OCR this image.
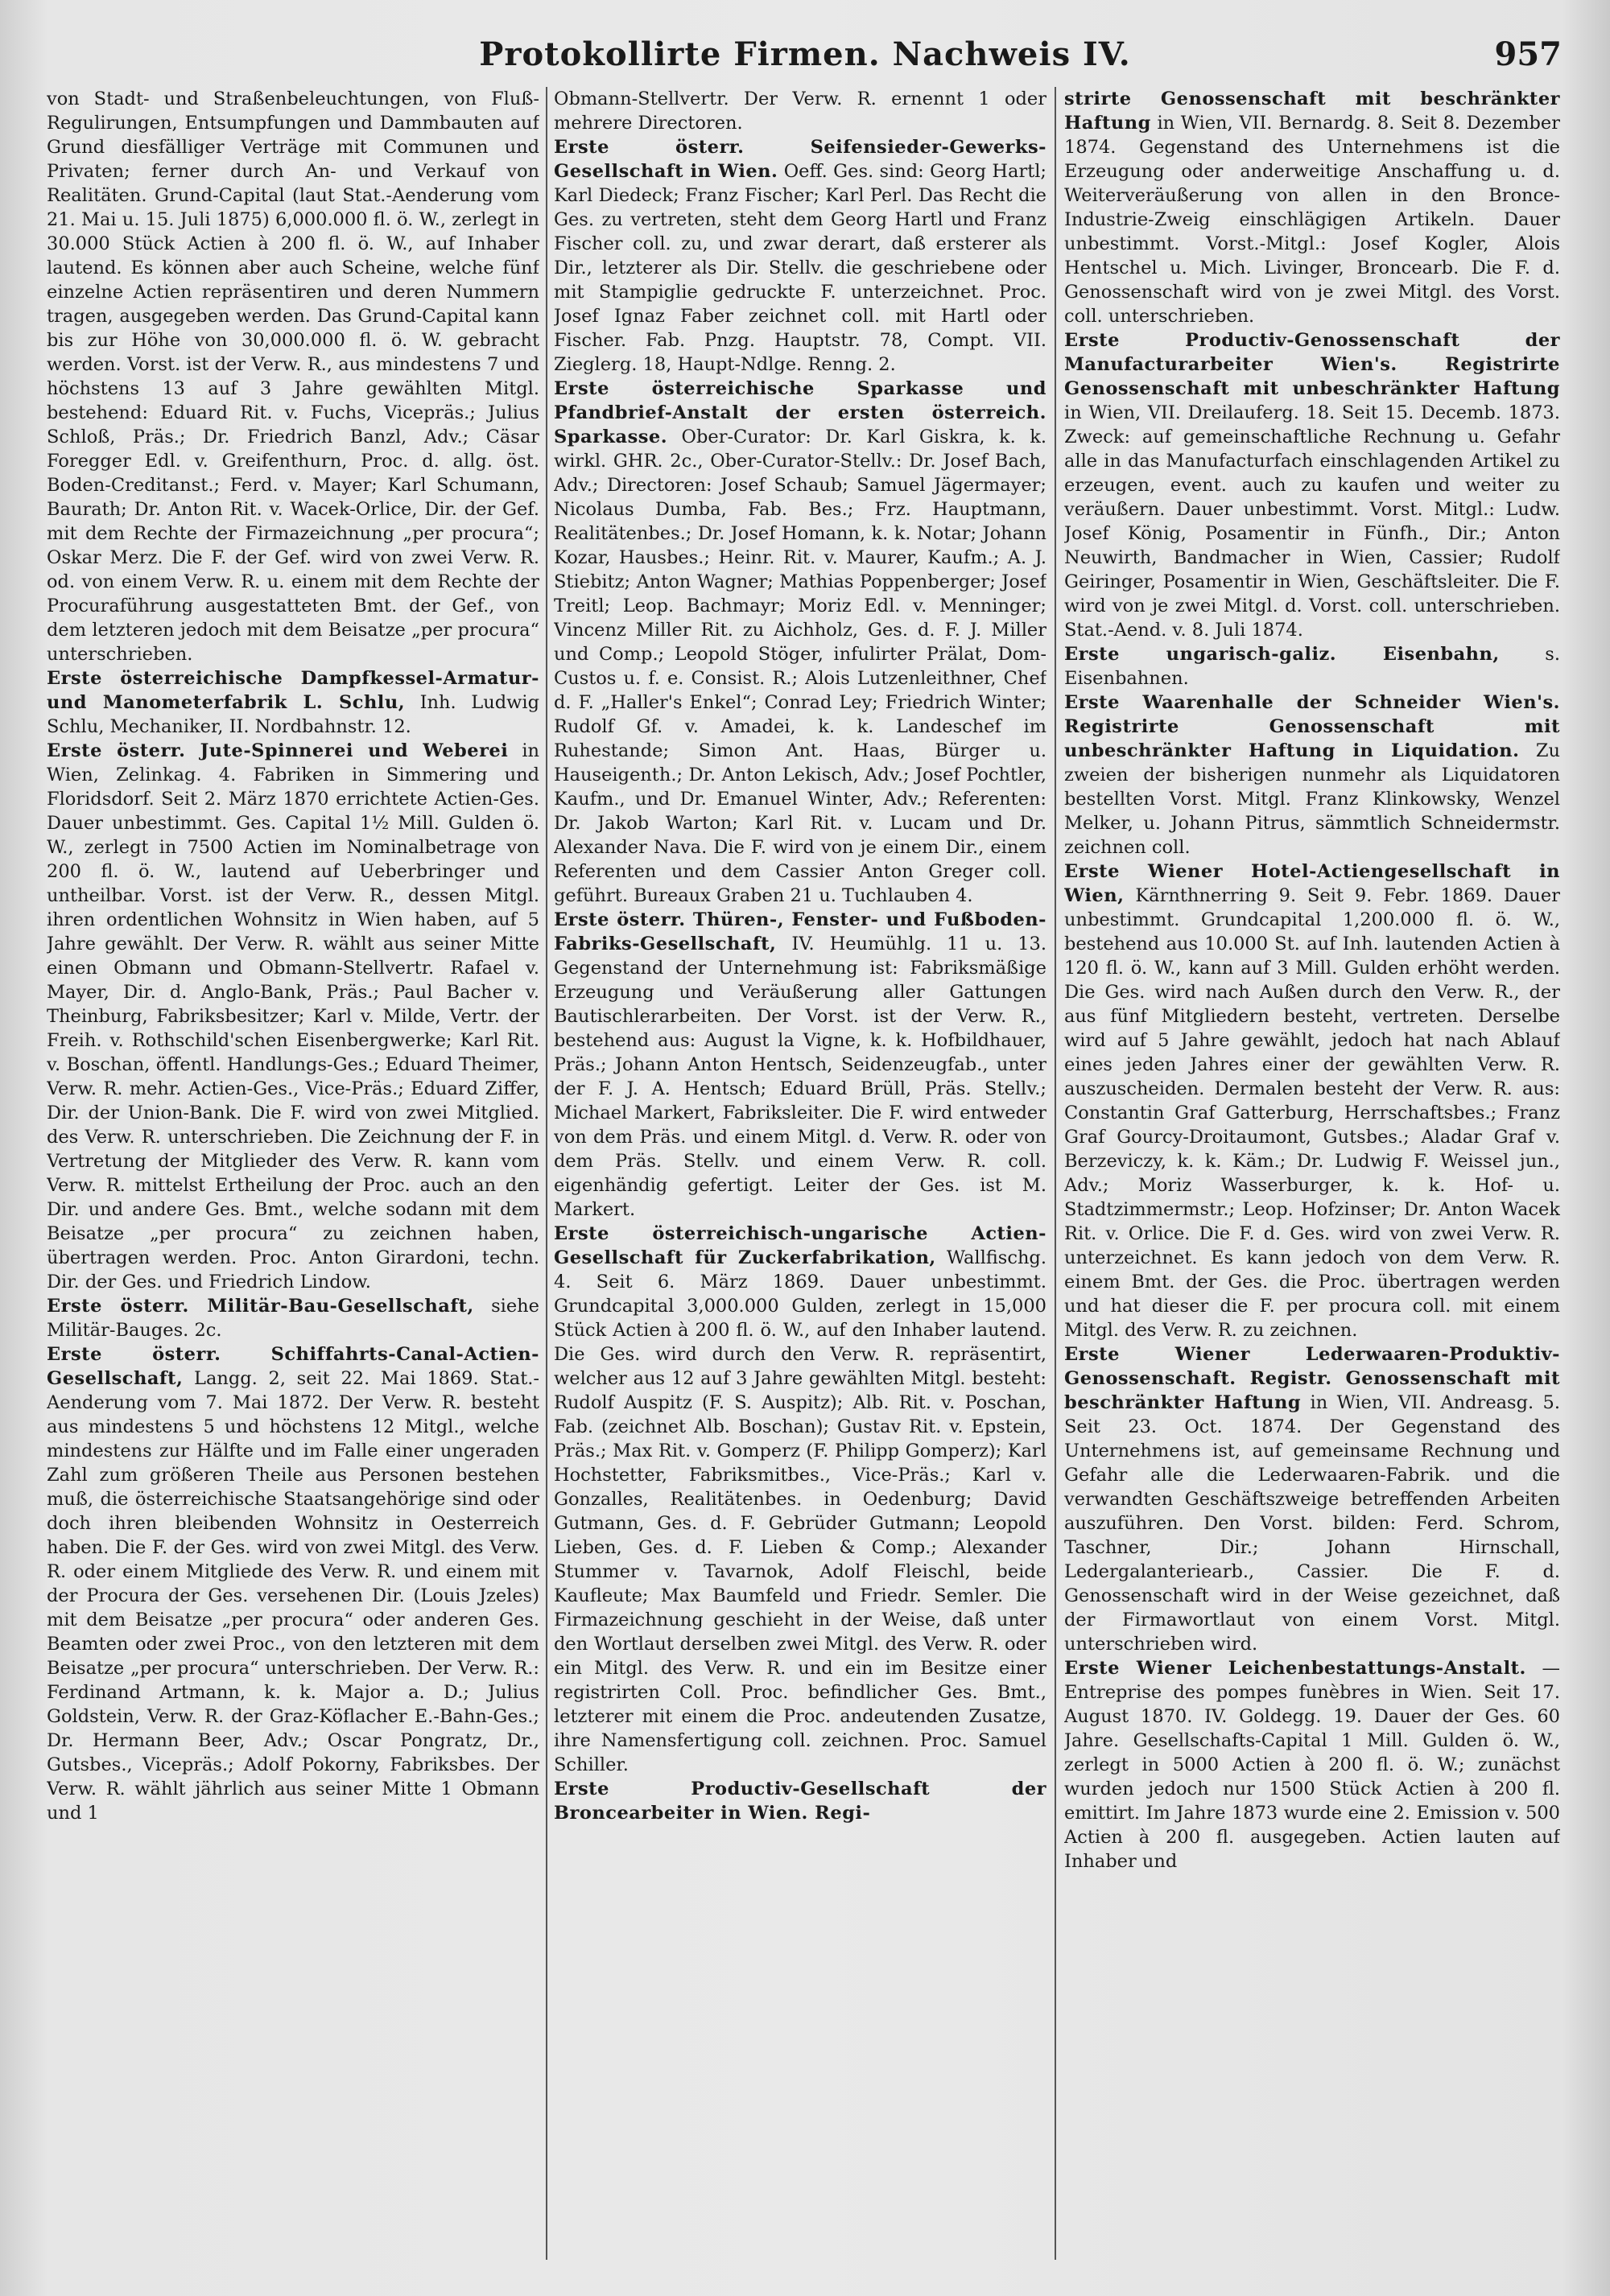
Protokollirte Firmen. Nachweis IV.	957

von Stadt- und Straßenbeleuchtungen, von Fluß-Regulirungen, Entsumpfungen und Dammbauten auf Grund diesfälliger Verträge mit Communen und Privaten; ferner durch An- und Verkauf von Realitäten. Grund-Capital (laut Stat.-Aenderung vom 21. Mai u. 15. Juli 1875) 6,000.000 fl. ö. W., zerlegt in 30.000 Stück Actien à 200 fl. ö. W., auf Inhaber lautend. Es können aber auch Scheine, welche fünf einzelne Actien repräsentiren und deren Nummern tragen, ausgegeben werden. Das Grund-Capital kann bis zur Höhe von 30,000.000 fl. ö. W. gebracht werden. Vorst. ist der Verw. R., aus mindestens 7 und höchstens 13 auf 3 Jahre gewählten Mitgl. bestehend: Eduard Rit. v. Fuchs, Vicepräs.; Julius Schloß, Präs.; Dr. Friedrich Banzl, Adv.; Cäsar Foregger Edl. v. Greifenthurn, Proc. d. allg. öst. Boden-Creditanst.; Ferd. v. Mayer; Karl Schumann, Baurath; Dr. Anton Rit. v. Wacek-Orlice, Dir. der Gef. mit dem Rechte der Firmazeichnung „per procura“; Oskar Merz. Die F. der Gef. wird von zwei Verw. R. od. von einem Verw. R. u. einem mit dem Rechte der Procuraführung ausgestatteten Bmt. der Gef., von dem letzteren jedoch mit dem Beisatze „per procura“ unterschrieben.

Erste österreichische Dampfkessel-Armatur- und Manometerfabrik L. Schlu, Inh. Ludwig Schlu, Mechaniker, II. Nordbahnstr. 12.

Erste österr. Jute-Spinnerei und Weberei in Wien, Zelinkag. 4. Fabriken in Simmering und Floridsdorf. Seit 2. März 1870 errichtete Actien-Ges. Dauer unbestimmt. Ges. Capital 1½ Mill. Gulden ö. W., zerlegt in 7500 Actien im Nominalbetrage von 200 fl. ö. W., lautend auf Ueberbringer und untheilbar. Vorst. ist der Verw. R., dessen Mitgl. ihren ordentlichen Wohnsitz in Wien haben, auf 5 Jahre gewählt. Der Verw. R. wählt aus seiner Mitte einen Obmann und Obmann-Stellvertr. Rafael v. Mayer, Dir. d. Anglo-Bank, Präs.; Paul Bacher v. Theinburg, Fabriksbesitzer; Karl v. Milde, Vertr. der Freih. v. Rothschild'schen Eisenbergwerke; Karl Rit. v. Boschan, öffentl. Handlungs-Ges.; Eduard Theimer, Verw. R. mehr. Actien-Ges., Vice-Präs.; Eduard Ziffer, Dir. der Union-Bank. Die F. wird von zwei Mitglied. des Verw. R. unterschrieben. Die Zeichnung der F. in Vertretung der Mitglieder des Verw. R. kann vom Verw. R. mittelst Ertheilung der Proc. auch an den Dir. und andere Ges. Bmt., welche sodann mit dem Beisatze „per procura“ zu zeichnen haben, übertragen werden. Proc. Anton Girardoni, techn. Dir. der Ges. und Friedrich Lindow.

Erste österr. Militär-Bau-Gesellschaft, siehe Militär-Bauges. 2c.

Erste österr. Schiffahrts-Canal-Actien-Gesellschaft, Langg. 2, seit 22. Mai 1869. Stat.-Aenderung vom 7. Mai 1872. Der Verw. R. besteht aus mindestens 5 und höchstens 12 Mitgl., welche mindestens zur Hälfte und im Falle einer ungeraden Zahl zum größeren Theile aus Personen bestehen muß, die österreichische Staatsangehörige sind oder doch ihren bleibenden Wohnsitz in Oesterreich haben. Die F. der Ges. wird von zwei Mitgl. des Verw. R. oder einem Mitgliede des Verw. R. und einem mit der Procura der Ges. versehenen Dir. (Louis Jzeles) mit dem Beisatze „per procura“ oder anderen Ges. Beamten oder zwei Proc., von den letzteren mit dem Beisatze „per procura“ unterschrieben. Der Verw. R.: Ferdinand Artmann, k. k. Major a. D.; Julius Goldstein, Verw. R. der Graz-Köflacher E.-Bahn-Ges.; Dr. Hermann Beer, Adv.; Oscar Pongratz, Dr., Gutsbes., Vicepräs.; Adolf Pokorny, Fabriksbes. Der Verw. R. wählt jährlich aus seiner Mitte 1 Obmann und 1

Obmann-Stellvertr. Der Verw. R. ernennt 1 oder mehrere Directoren.

Erste österr. Seifensieder-Gewerks-Gesellschaft in Wien. Oeff. Ges. sind: Georg Hartl; Karl Diedeck; Franz Fischer; Karl Perl. Das Recht die Ges. zu vertreten, steht dem Georg Hartl und Franz Fischer coll. zu, und zwar derart, daß ersterer als Dir., letzterer als Dir. Stellv. die geschriebene oder mit Stampiglie gedruckte F. unterzeichnet. Proc. Josef Ignaz Faber zeichnet coll. mit Hartl oder Fischer. Fab. Pnzg. Hauptstr. 78, Compt. VII. Zieglerg. 18, Haupt-Ndlge. Renng. 2.

Erste österreichische Sparkasse und Pfandbrief-Anstalt der ersten österreich. Sparkasse. Ober-Curator: Dr. Karl Giskra, k. k. wirkl. GHR. 2c., Ober-Curator-Stellv.: Dr. Josef Bach, Adv.; Directoren: Josef Schaub; Samuel Jägermayer; Nicolaus Dumba, Fab. Bes.; Frz. Hauptmann, Realitätenbes.; Dr. Josef Homann, k. k. Notar; Johann Kozar, Hausbes.; Heinr. Rit. v. Maurer, Kaufm.; A. J. Stiebitz; Anton Wagner; Mathias Poppenberger; Josef Treitl; Leop. Bachmayr; Moriz Edl. v. Menninger; Vincenz Miller Rit. zu Aichholz, Ges. d. F. J. Miller und Comp.; Leopold Stöger, infulirter Prälat, Dom-Custos u. f. e. Consist. R.; Alois Lutzenleithner, Chef d. F. „Haller's Enkel“; Conrad Ley; Friedrich Winter; Rudolf Gf. v. Amadei, k. k. Landeschef im Ruhestande; Simon Ant. Haas, Bürger u. Hauseigenth.; Dr. Anton Lekisch, Adv.; Josef Pochtler, Kaufm., und Dr. Emanuel Winter, Adv.; Referenten: Dr. Jakob Warton; Karl Rit. v. Lucam und Dr. Alexander Nava. Die F. wird von je einem Dir., einem Referenten und dem Cassier Anton Greger coll. geführt. Bureaux Graben 21 u. Tuchlauben 4.

Erste österr. Thüren-, Fenster- und Fußboden-Fabriks-Gesellschaft, IV. Heumühlg. 11 u. 13. Gegenstand der Unternehmung ist: Fabriksmäßige Erzeugung und Veräußerung aller Gattungen Bautischlerarbeiten. Der Vorst. ist der Verw. R., bestehend aus: August la Vigne, k. k. Hofbildhauer, Präs.; Johann Anton Hentsch, Seidenzeugfab., unter der F. J. A. Hentsch; Eduard Brüll, Präs. Stellv.; Michael Markert, Fabriksleiter. Die F. wird entweder von dem Präs. und einem Mitgl. d. Verw. R. oder von dem Präs. Stellv. und einem Verw. R. coll. eigenhändig gefertigt. Leiter der Ges. ist M. Markert.

Erste österreichisch-ungarische Actien-Gesellschaft für Zuckerfabrikation, Wallfischg. 4. Seit 6. März 1869. Dauer unbestimmt. Grundcapital 3,000.000 Gulden, zerlegt in 15,000 Stück Actien à 200 fl. ö. W., auf den Inhaber lautend. Die Ges. wird durch den Verw. R. repräsentirt, welcher aus 12 auf 3 Jahre gewählten Mitgl. besteht: Rudolf Auspitz (F. S. Auspitz); Alb. Rit. v. Poschan, Fab. (zeichnet Alb. Boschan); Gustav Rit. v. Epstein, Präs.; Max Rit. v. Gomperz (F. Philipp Gomperz); Karl Hochstetter, Fabriksmitbes., Vice-Präs.; Karl v. Gonzalles, Realitätenbes. in Oedenburg; David Gutmann, Ges. d. F. Gebrüder Gutmann; Leopold Lieben, Ges. d. F. Lieben & Comp.; Alexander Stummer v. Tavarnok, Adolf Fleischl, beide Kaufleute; Max Baumfeld und Friedr. Semler. Die Firmazeichnung geschieht in der Weise, daß unter den Wortlaut derselben zwei Mitgl. des Verw. R. oder ein Mitgl. des Verw. R. und ein im Besitze einer registrirten Coll. Proc. befindlicher Ges. Bmt., letzterer mit einem die Proc. andeutenden Zusatze, ihre Namensfertigung coll. zeichnen. Proc. Samuel Schiller.

Erste Productiv-Gesellschaft der Broncearbeiter in Wien. Regi-

strirte Genossenschaft mit beschränkter Haftung in Wien, VII. Bernardg. 8. Seit 8. Dezember 1874. Gegenstand des Unternehmens ist die Erzeugung oder anderweitige Anschaffung u. d. Weiterveräußerung von allen in den Bronce-Industrie-Zweig einschlägigen Artikeln. Dauer unbestimmt. Vorst.-Mitgl.: Josef Kogler, Alois Hentschel u. Mich. Livinger, Broncearb. Die F. d. Genossenschaft wird von je zwei Mitgl. des Vorst. coll. unterschrieben.

Erste Productiv-Genossenschaft der Manufacturarbeiter Wien's. Registrirte Genossenschaft mit unbeschränkter Haftung in Wien, VII. Dreilauferg. 18. Seit 15. Decemb. 1873. Zweck: auf gemeinschaftliche Rechnung u. Gefahr alle in das Manufacturfach einschlagenden Artikel zu erzeugen, event. auch zu kaufen und weiter zu veräußern. Dauer unbestimmt. Vorst. Mitgl.: Ludw. Josef König, Posamentir in Fünfh., Dir.; Anton Neuwirth, Bandmacher in Wien, Cassier; Rudolf Geiringer, Posamentir in Wien, Geschäftsleiter. Die F. wird von je zwei Mitgl. d. Vorst. coll. unterschrieben. Stat.-Aend. v. 8. Juli 1874.

Erste ungarisch-galiz. Eisenbahn,	s. Eisenbahnen.

Erste Waarenhalle der Schneider Wien's. Registrirte Genossenschaft mit unbeschränkter Haftung in Liquidation. Zu zweien der bisherigen nunmehr als Liquidatoren bestellten Vorst. Mitgl. Franz Klinkowsky, Wenzel Melker, u. Johann Pitrus, sämmtlich Schneidermstr. zeichnen coll.

Erste Wiener Hotel-Actiengesellschaft in Wien, Kärnthnerring 9. Seit 9. Febr. 1869. Dauer unbestimmt. Grundcapital 1,200.000 fl. ö. W., bestehend aus 10.000 St. auf Inh. lautenden Actien à 120 fl. ö. W., kann auf 3 Mill. Gulden erhöht werden. Die Ges. wird nach Außen durch den Verw. R., der aus fünf Mitgliedern besteht, vertreten. Derselbe wird auf 5 Jahre gewählt, jedoch hat nach Ablauf eines jeden Jahres einer der gewählten Verw. R. auszuscheiden. Dermalen besteht der Verw. R. aus: Constantin Graf Gatterburg, Herrschaftsbes.; Franz Graf Gourcy-Droitaumont, Gutsbes.; Aladar Graf v. Berzeviczy, k. k. Käm.; Dr. Ludwig F. Weissel jun., Adv.; Moriz Wasserburger, k. k. Hof- u. Stadtzimmermstr.; Leop. Hofzinser; Dr. Anton Wacek Rit. v. Orlice. Die F. d. Ges. wird von zwei Verw. R. unterzeichnet. Es kann jedoch von dem Verw. R. einem Bmt. der Ges. die Proc. übertragen werden und hat dieser die F. per procura coll. mit einem Mitgl. des Verw. R. zu zeichnen.

Erste Wiener Lederwaaren-Produktiv-Genossenschaft. Registr. Genossenschaft mit beschränkter Haftung in Wien, VII. Andreasg. 5. Seit 23. Oct. 1874. Der Gegenstand des Unternehmens ist, auf gemeinsame Rechnung und Gefahr alle die Lederwaaren-Fabrik. und die verwandten Geschäftszweige betreffenden Arbeiten auszuführen. Den Vorst. bilden: Ferd. Schrom, Taschner, Dir.; Johann Hirnschall, Ledergalanteriearb., Cassier. Die F. d. Genossenschaft wird in der Weise gezeichnet, daß der Firmawortlaut von einem Vorst. Mitgl. unterschrieben wird.

Erste Wiener Leichenbestattungs-Anstalt. — Entreprise des pompes funèbres in Wien. Seit 17. August 1870. IV. Goldegg. 19. Dauer der Ges. 60 Jahre. Gesellschafts-Capital 1 Mill. Gulden ö. W., zerlegt in 5000 Actien à 200 fl. ö. W.; zunächst wurden jedoch nur 1500 Stück Actien à 200 fl. emittirt. Im Jahre 1873 wurde eine 2. Emission v. 500 Actien à 200 fl. ausgegeben. Actien lauten auf Inhaber und
